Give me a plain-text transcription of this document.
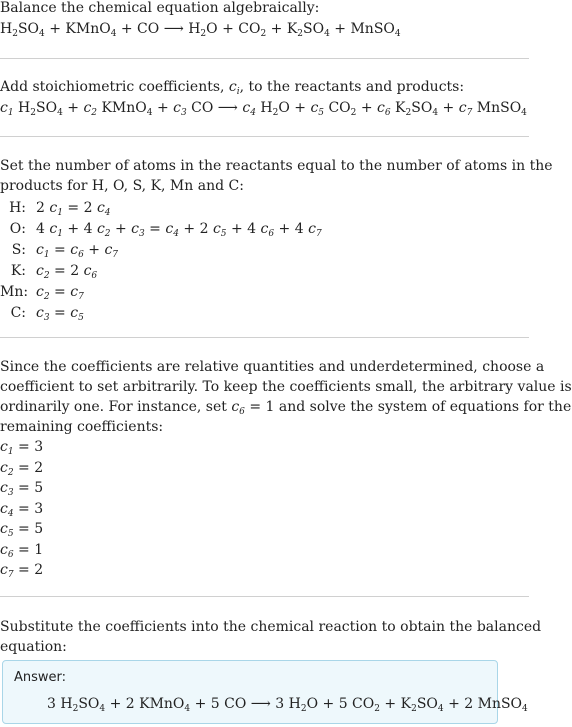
Balance the chemical equation algebraically:
$H_2SO_4$ + KMnO$_4$ + CO ⟶ $H_2O + CO_2 + K_2SO_4$ + MnSO$_4$
Add stoichiometric coefficients, $c_i$, to the reactants and products:
$c_1$ $H_2SO_4 + c_2$ KMnO$_4$ + $c_3$ CO ⟶ $c_4$ $H_2O + c_5$ $CO_2 + c_6$ $K_2SO_4 + c_7$ MnSO$_4$
Set the number of atoms in the reactants equal to the number of atoms in the
products for H, O, S, K, Mn and C:
H: 2 $c_1 = 2$ $c_4$
O: 4 $c_1 + 4$ $c_2 + c_3 = c_4 + 2$ $c_5 + 4$ $c_6 + 4$ $c_7$
S: $c_1 = c_6 + c_7$
K: $c_2 = 2$ $c_6$
Mn: $c_2 = c_7$
C: $c_3 = c_5$
Since the coefficients are relative quantities and underdetermined, choose a
coefficient to set arbitrarily. To keep the coefficients small, the arbitrary value is
ordinarily one. For instance, set $c_6 = 1$ and solve the system of equations for the
remaining coefficients:
$c_1 = 3$
$c_2 = 2$
$c_3 = 5$
$c_4 = 3$
$c_5 = 5$
$c_6 = 1$
$c_7 = 2$
Substitute the coefficients into the chemical reaction to obtain the balanced
equation:
Answer:
3 $H_2SO_4 + 2$ KMnO$_4$ + 5 CO ⟶ 3 $H_2O + 5$ $CO_2 + K_2SO_4 + 2$ MnSO$_4$
